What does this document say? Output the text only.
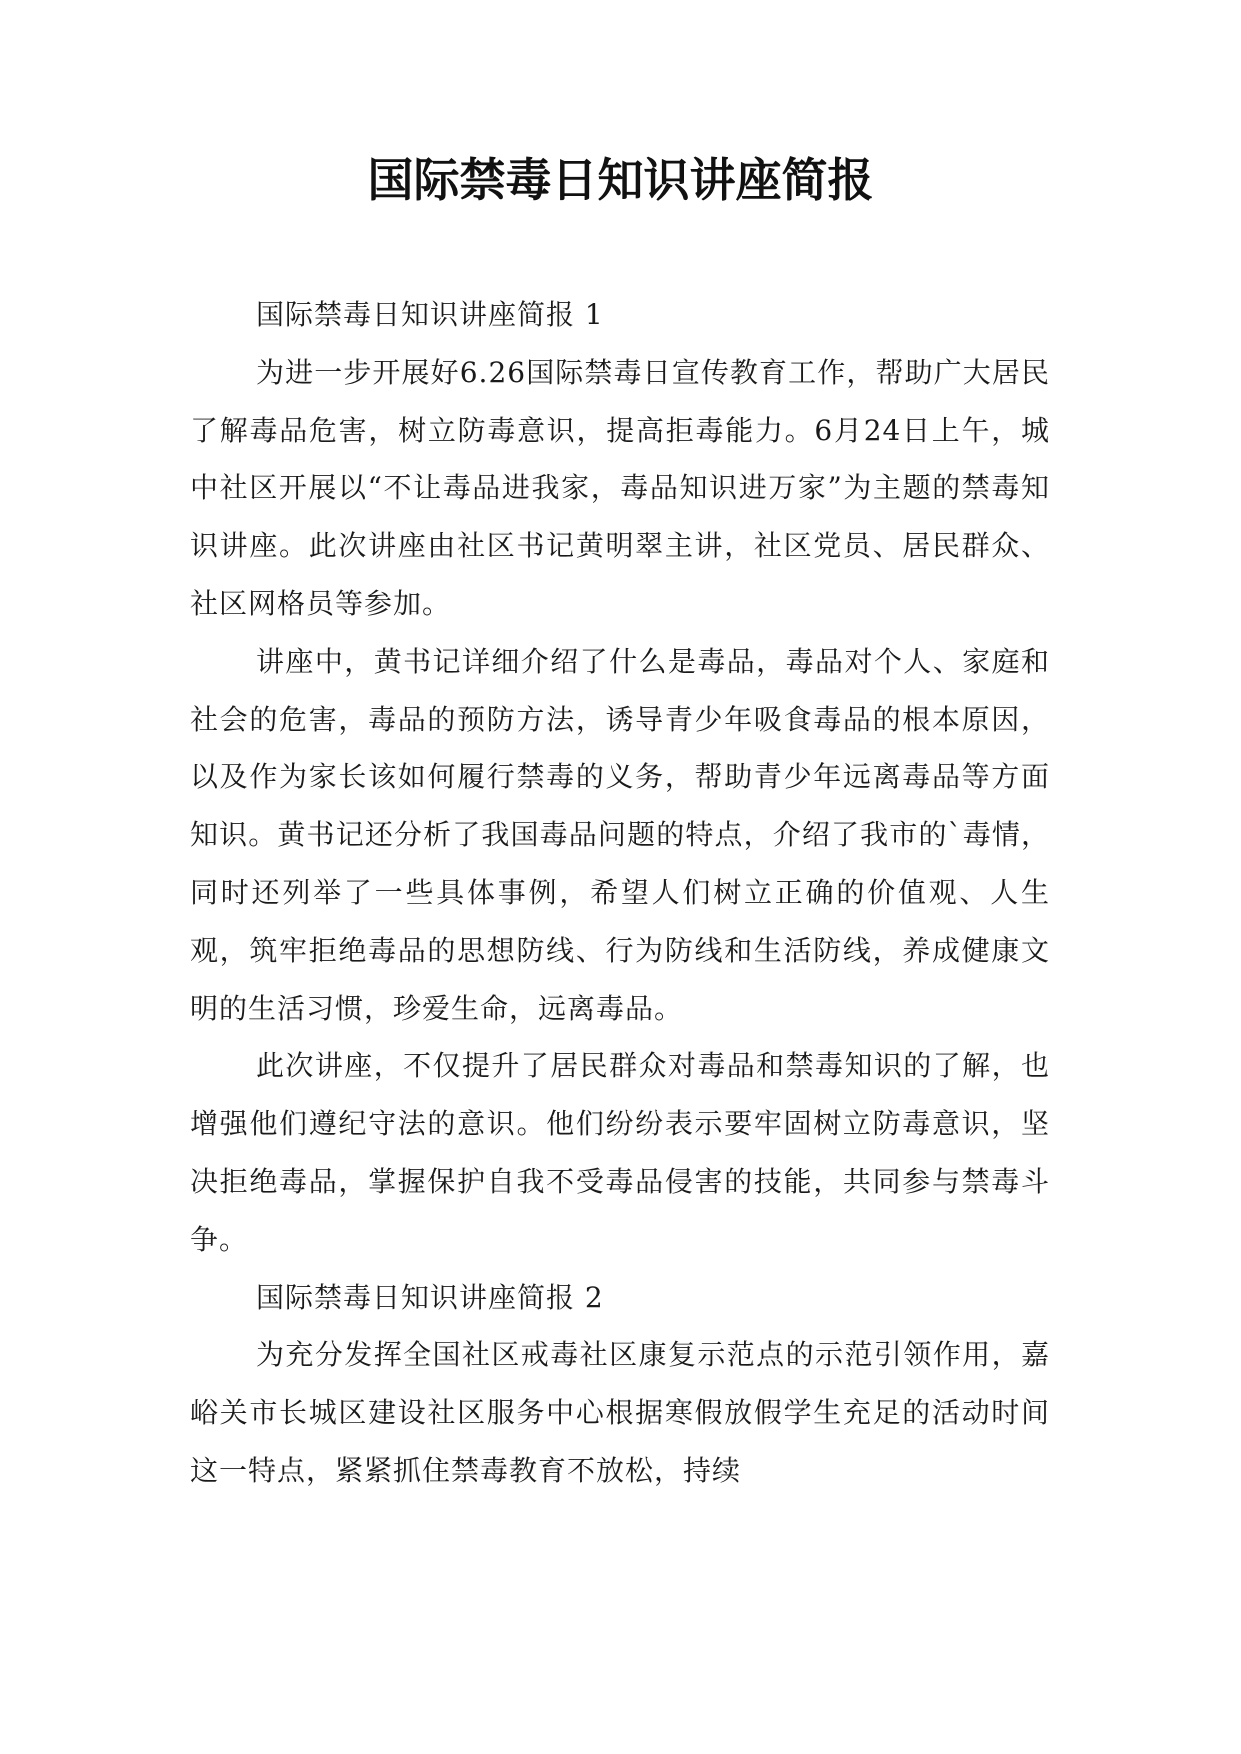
国际禁毒日知识讲座简报

国际禁毒日知识讲座简报 1

为进一步开展好6.26国际禁毒日宣传教育工作，帮助广大居民了解毒品危害，树立防毒意识，提高拒毒能力。6月24日上午，城中社区开展以“不让毒品进我家，毒品知识进万家”为主题的禁毒知识讲座。此次讲座由社区书记黄明翠主讲，社区党员、居民群众、社区网格员等参加。

讲座中，黄书记详细介绍了什么是毒品，毒品对个人、家庭和社会的危害，毒品的预防方法，诱导青少年吸食毒品的根本原因，以及作为家长该如何履行禁毒的义务，帮助青少年远离毒品等方面知识。黄书记还分析了我国毒品问题的特点，介绍了我市的`毒情，同时还列举了一些具体事例，希望人们树立正确的价值观、人生观，筑牢拒绝毒品的思想防线、行为防线和生活防线，养成健康文明的生活习惯，珍爱生命，远离毒品。

此次讲座，不仅提升了居民群众对毒品和禁毒知识的了解，也增强他们遵纪守法的意识。他们纷纷表示要牢固树立防毒意识，坚决拒绝毒品，掌握保护自我不受毒品侵害的技能，共同参与禁毒斗争。

国际禁毒日知识讲座简报 2

为充分发挥全国社区戒毒社区康复示范点的示范引领作用，嘉峪关市长城区建设社区服务中心根据寒假放假学生充足的活动时间这一特点，紧紧抓住禁毒教育不放松，持续
